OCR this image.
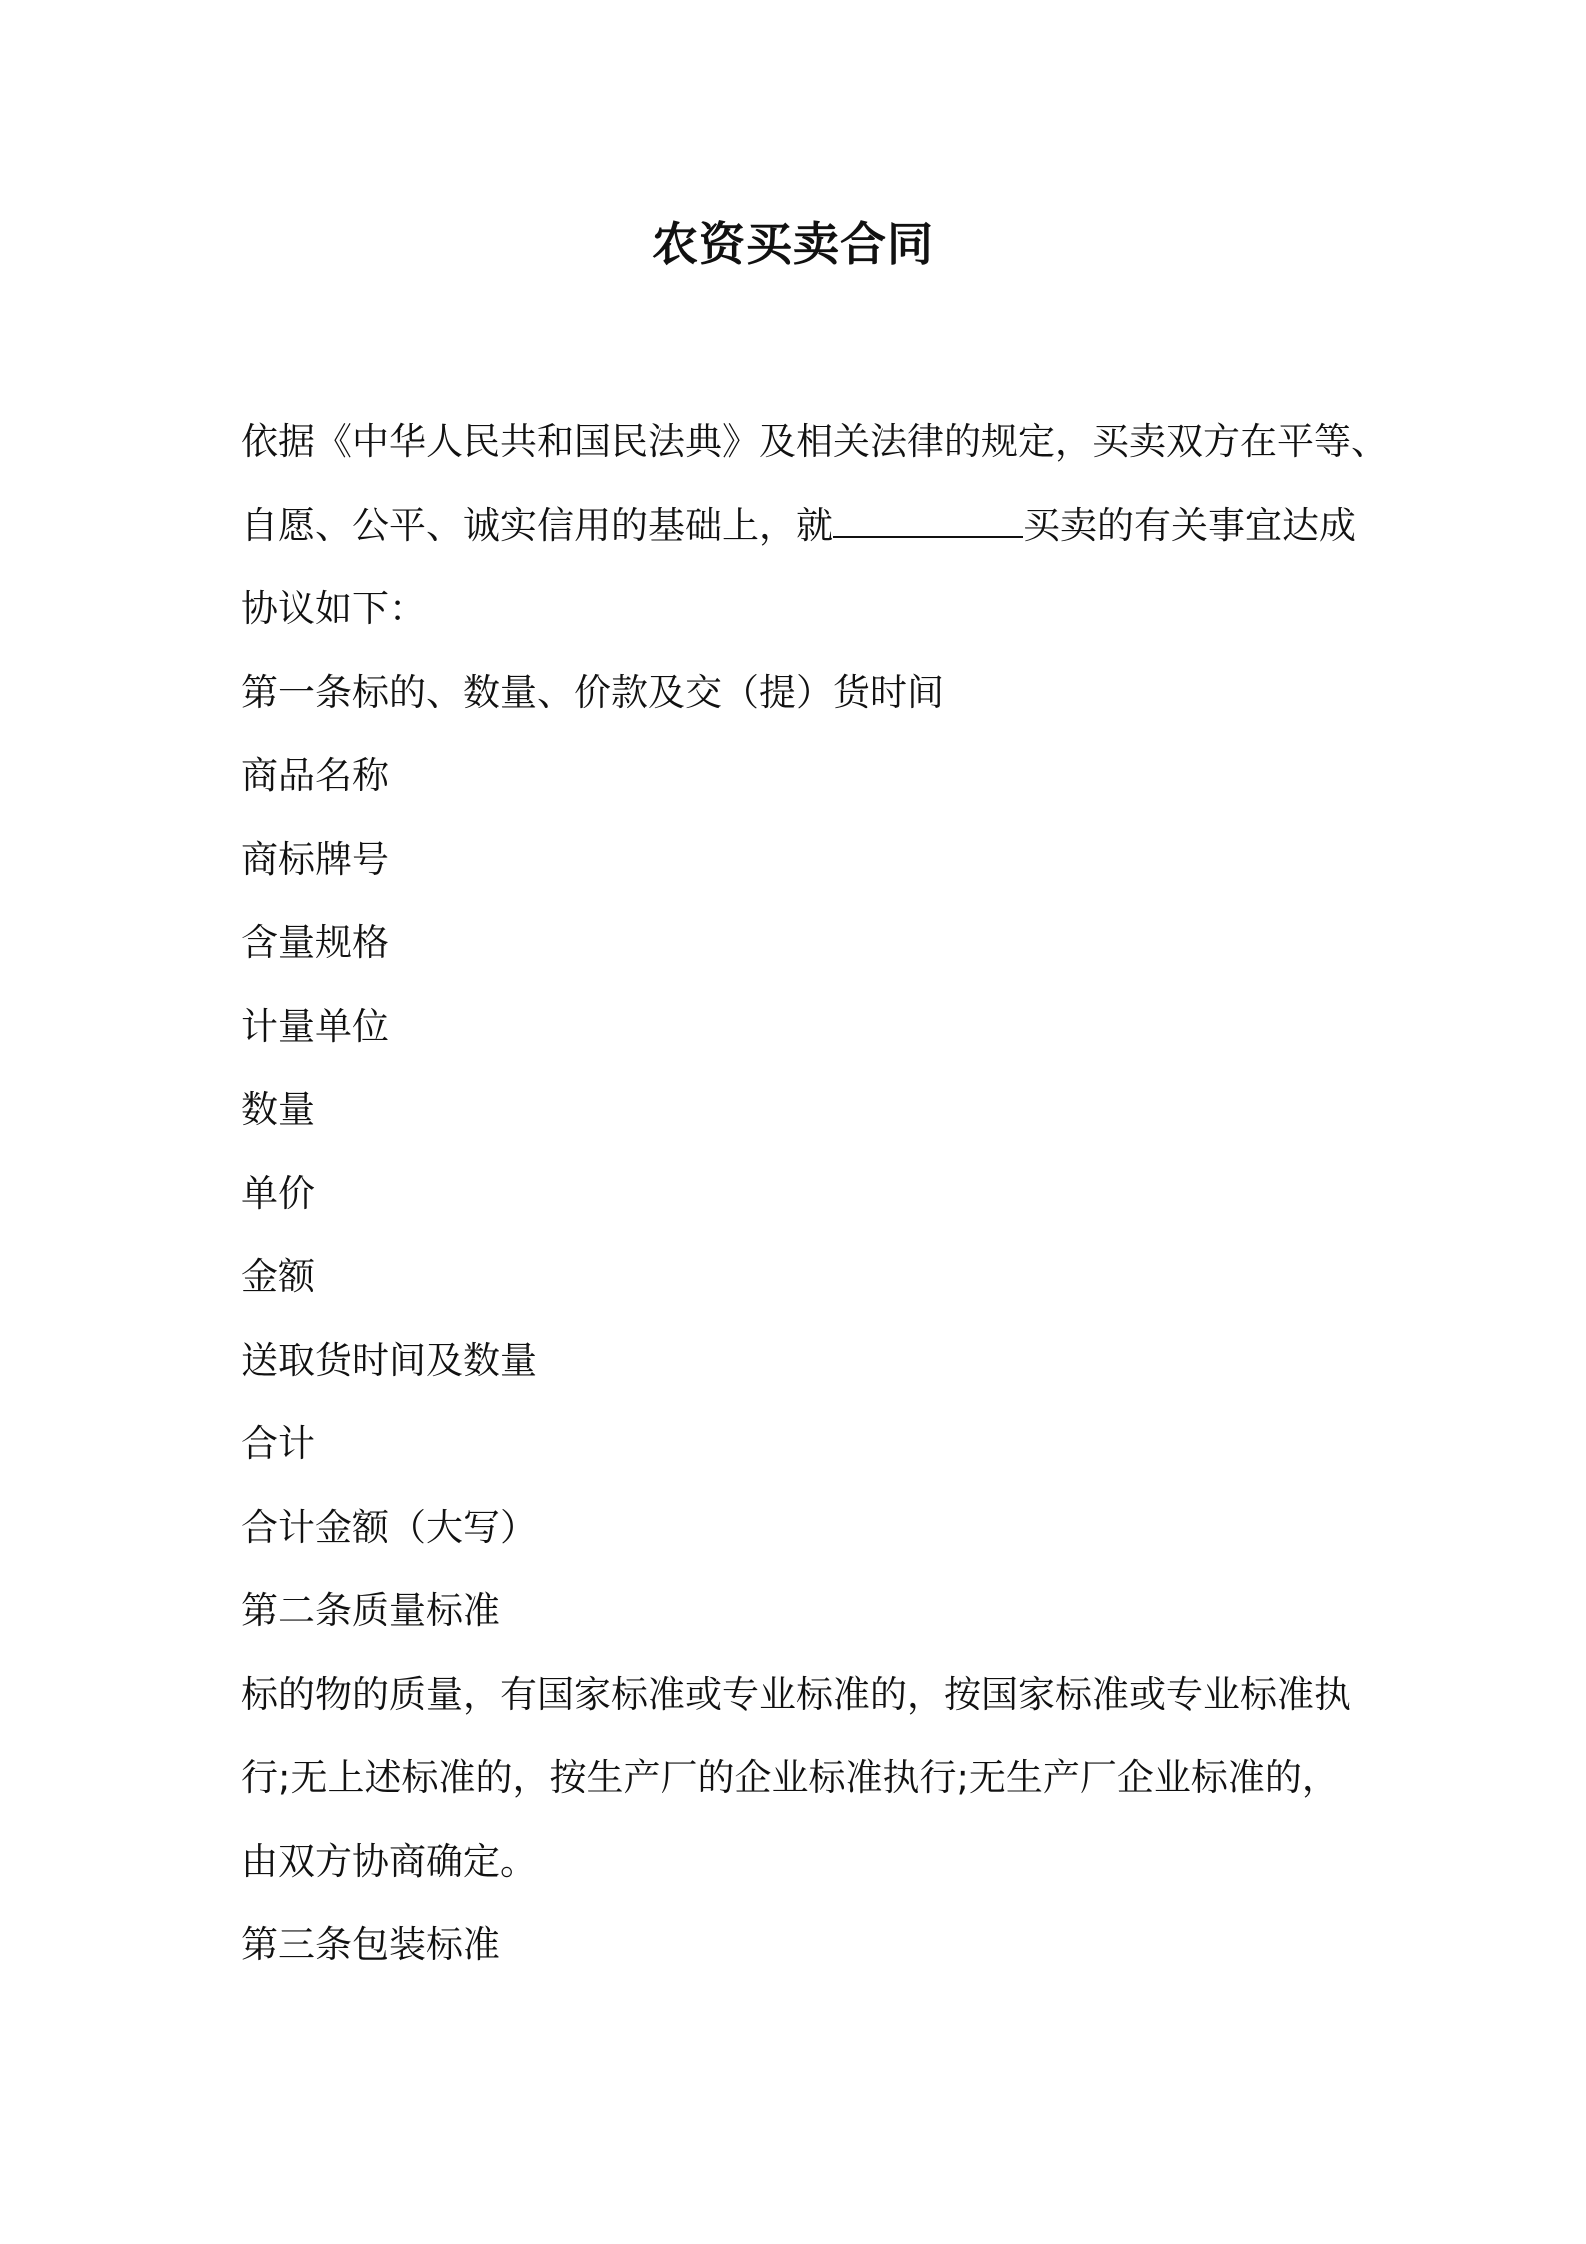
农资买卖合同

依据《中华人民共和国民法典》及相关法律的规定，买卖双方在平等、

自愿、公平、诚实信用的基础上，就	买卖的有关事宜达成

协议如下：

第一条标的、数量、价款及交（提）货时间

商品名称

商标牌号

含量规格

计量单位

数量

单价

金额

送取货时间及数量

合计

合计金额（大写）

第二条质量标准

标的物的质量，有国家标准或专业标准的，按国家标准或专业标准执

行;无上述标准的，按生产厂的企业标准执行;无生产厂企业标准的，

由双方协商确定。

第三条包装标准
